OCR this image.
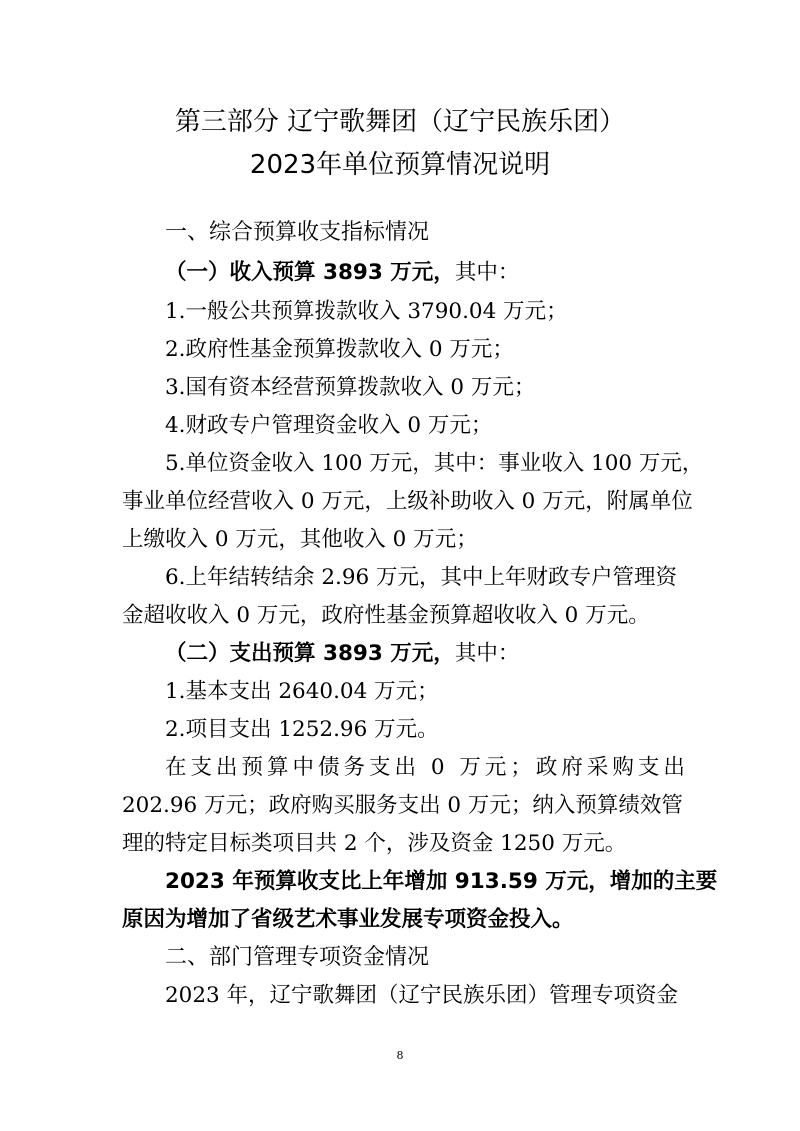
第三部分 辽宁歌舞团（辽宁民族乐团）
2023年单位预算情况说明
一、综合预算收支指标情况
（一）收入预算 3893 万元，其中：
1.一般公共预算拨款收入 3790.04 万元；
2.政府性基金预算拨款收入 0 万元；
3.国有资本经营预算拨款收入 0 万元；
4.财政专户管理资金收入 0 万元；
5.单位资金收入 100 万元，其中：事业收入 100 万元，
事业单位经营收入 0 万元，上级补助收入 0 万元，附属单位
上缴收入 0 万元，其他收入 0 万元；
6.上年结转结余 2.96 万元，其中上年财政专户管理资
金超收收入 0 万元，政府性基金预算超收收入 0 万元。
（二）支出预算 3893 万元，其中：
1.基本支出 2640.04 万元；
2.项目支出 1252.96 万元。
在支出预算中债务支出 0 万元；政府采购支出
202.96 万元；政府购买服务支出 0 万元；纳入预算绩效管
理的特定目标类项目共 2 个，涉及资金 1250 万元。
2023 年预算收支比上年增加 913.59 万元，增加的主要
原因为增加了省级艺术事业发展专项资金投入。
二、部门管理专项资金情况
2023 年，辽宁歌舞团（辽宁民族乐团）管理专项资金
8
